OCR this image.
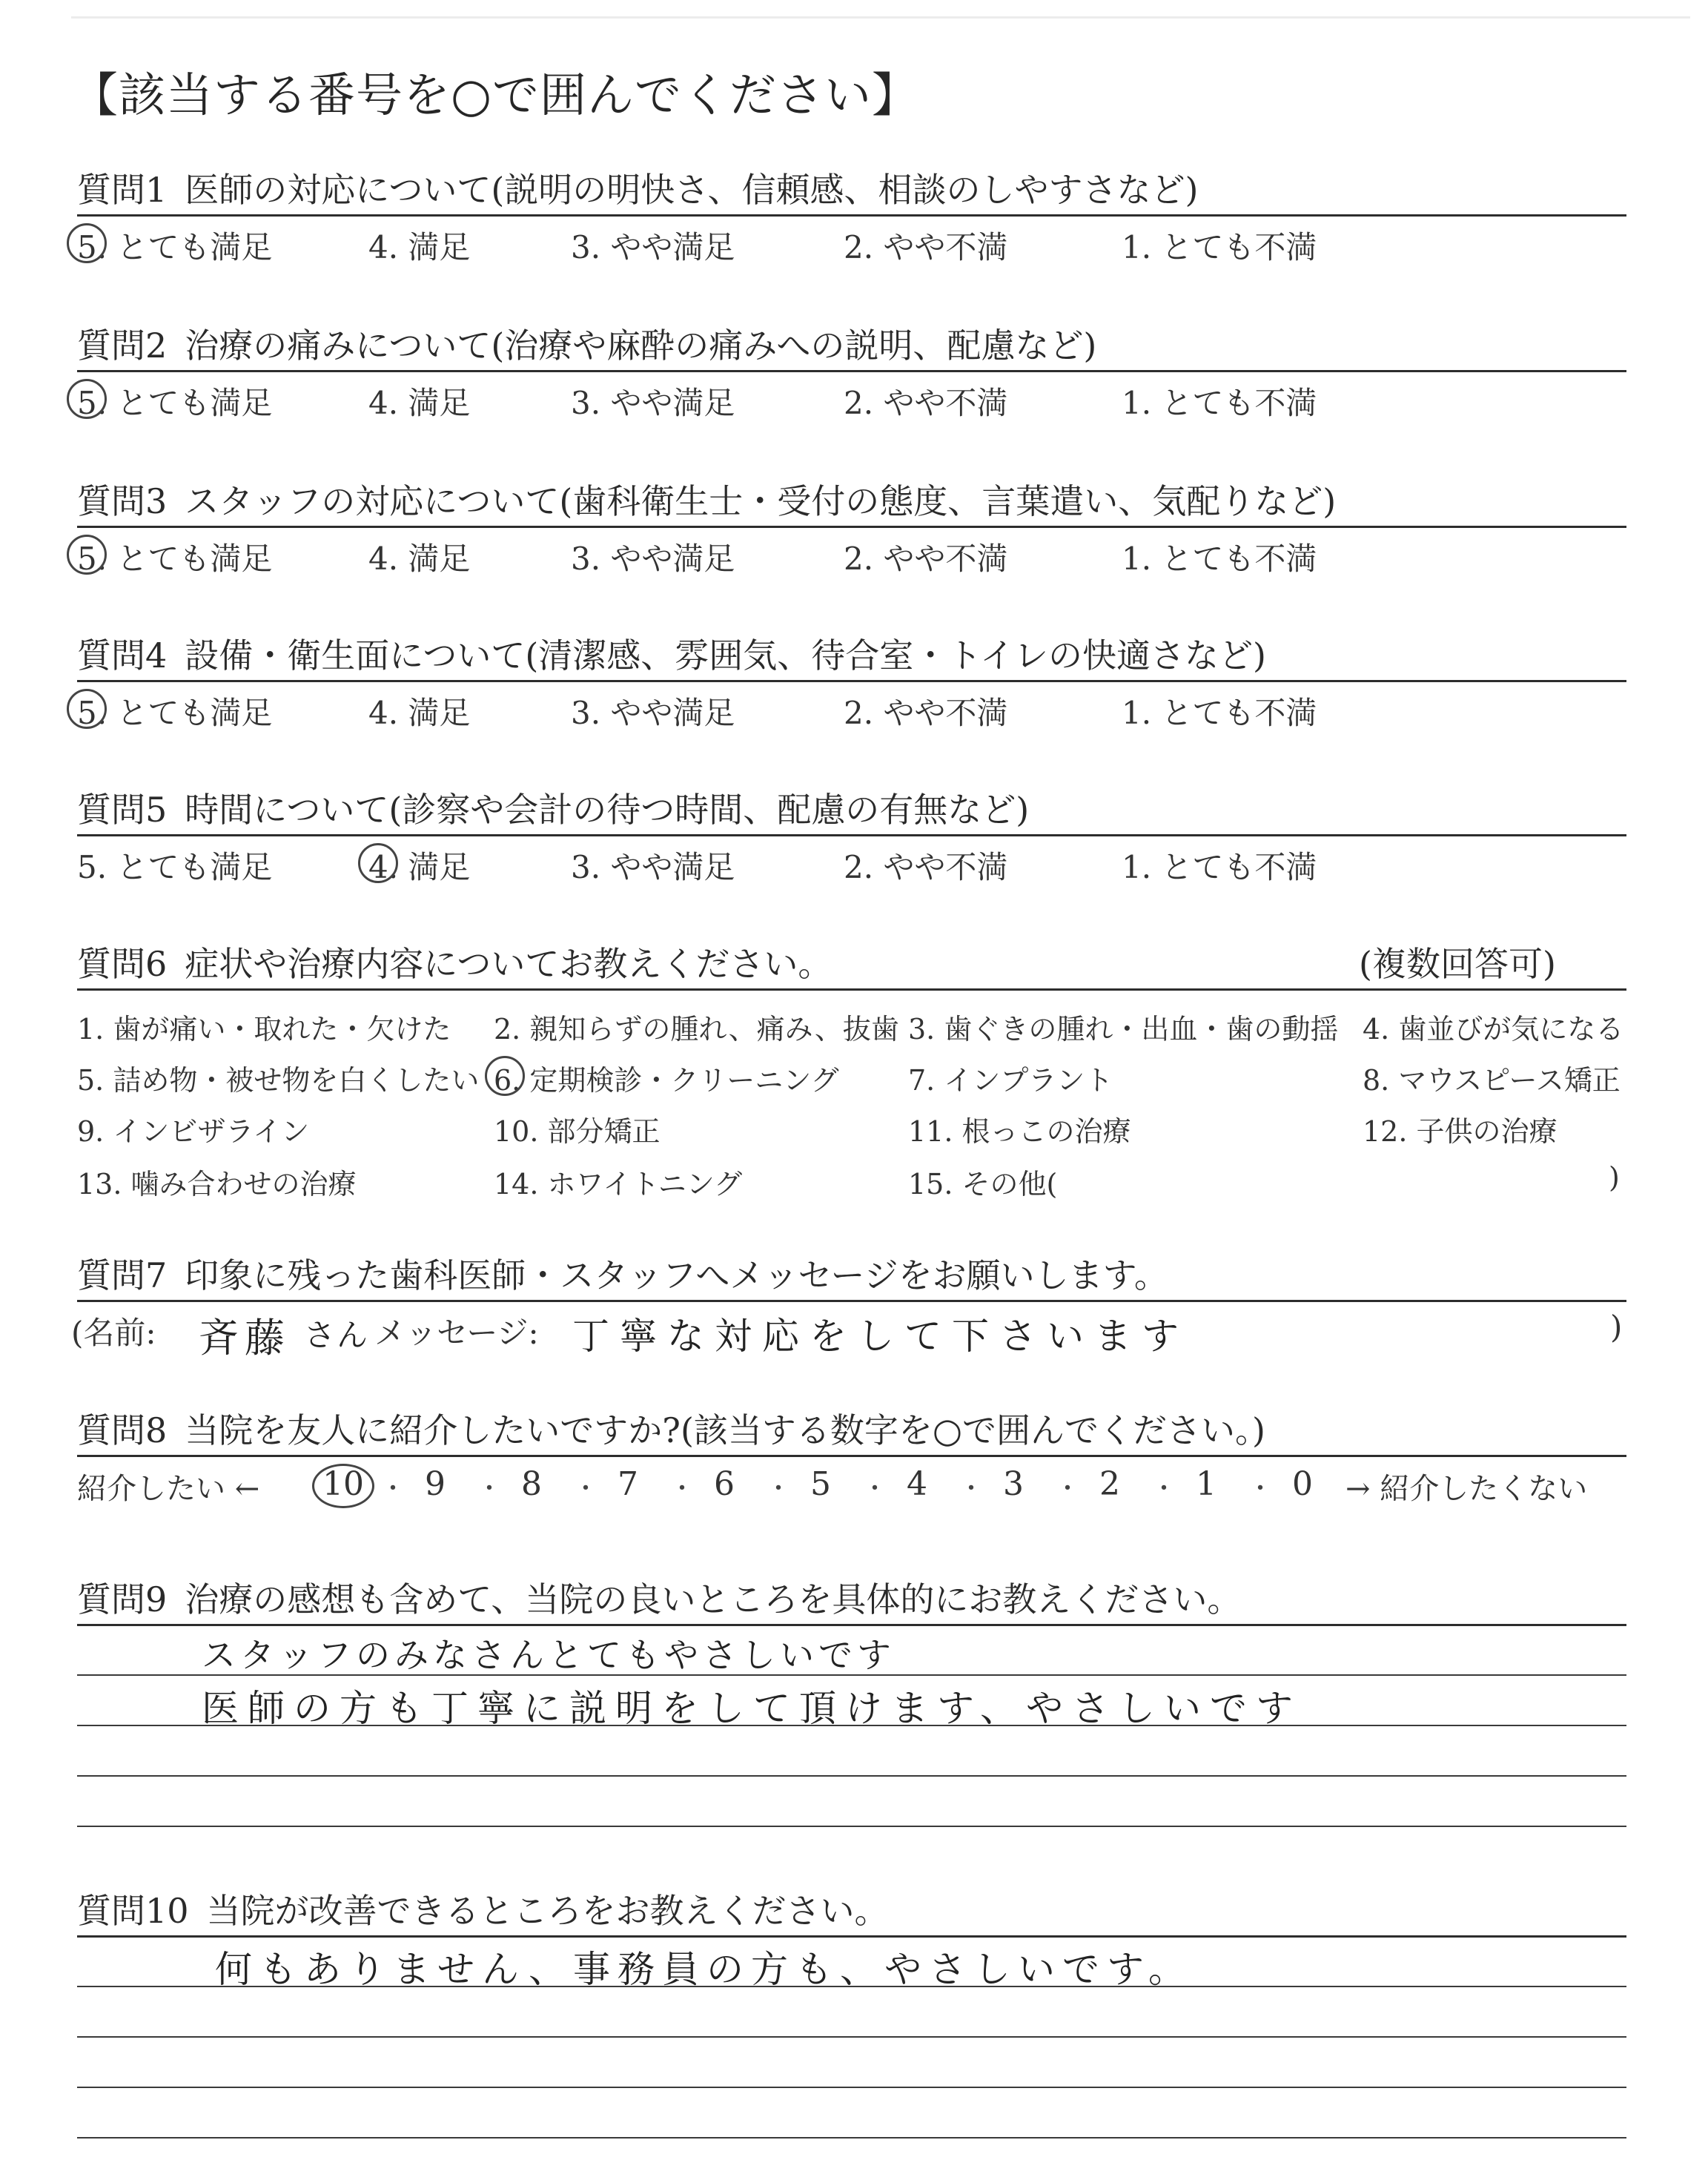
【該当する番号を○で囲んでください】
質問1 医師の対応について(説明の明快さ、信頼感、相談のしやすさなど)
5. とても満足	4. 満足	3. やや満足	2. やや不満	1. とても不満
質問2 治療の痛みについて(治療や麻酔の痛みへの説明、配慮など)
5. とても満足	4. 満足	3. やや満足	2. やや不満	1. とても不満
質問3 スタッフの対応について(歯科衛生士・受付の態度、言葉遣い、気配りなど)
5. とても満足	4. 満足	3. やや満足	2. やや不満	1. とても不満
質問4 設備・衛生面について(清潔感、雰囲気、待合室・トイレの快適さなど)
5. とても満足	4. 満足	3. やや満足	2. やや不満	1. とても不満
質問5 時間について(診察や会計の待つ時間、配慮の有無など)
5. とても満足	4. 満足	3. やや満足	2. やや不満	1. とても不満
質問6 症状や治療内容についてお教えください。	(複数回答可)
1. 歯が痛い・取れた・欠けた 2. 親知らずの腫れ、痛み、抜歯 3. 歯ぐきの腫れ・出血・歯の動揺 4. 歯並びが気になる
5. 詰め物・被せ物を白くしたい 6. 定期検診・クリーニング 7. インプラント	8. マウスピース矯正
9. インビザライン	10. 部分矯正	11. 根っこの治療	12. 子供の治療
13. 噛み合わせの治療	14. ホワイトニング	15. その他(	)
質問7 印象に残った歯科医師・スタッフへメッセージをお願いします。
(名前: 斉藤 さん メッセージ: 丁寧な対応をして下さいます	)
質問8 当院を友人に紹介したいですか?(該当する数字を○で囲んでください。)
紹介したい ← 10 ・ 9 ・ 8 ・ 7 ・ 6 ・ 5 ・ 4 ・ 3 ・ 2 ・ 1 ・ 0 → 紹介したくない
質問9 治療の感想も含めて、当院の良いところを具体的にお教えください。
スタッフのみなさんとてもやさしいです
医師の方も丁寧に説明をして頂けます、やさしいです
質問10 当院が改善できるところをお教えください。
何もありません、事務員の方も、やさしいです。
